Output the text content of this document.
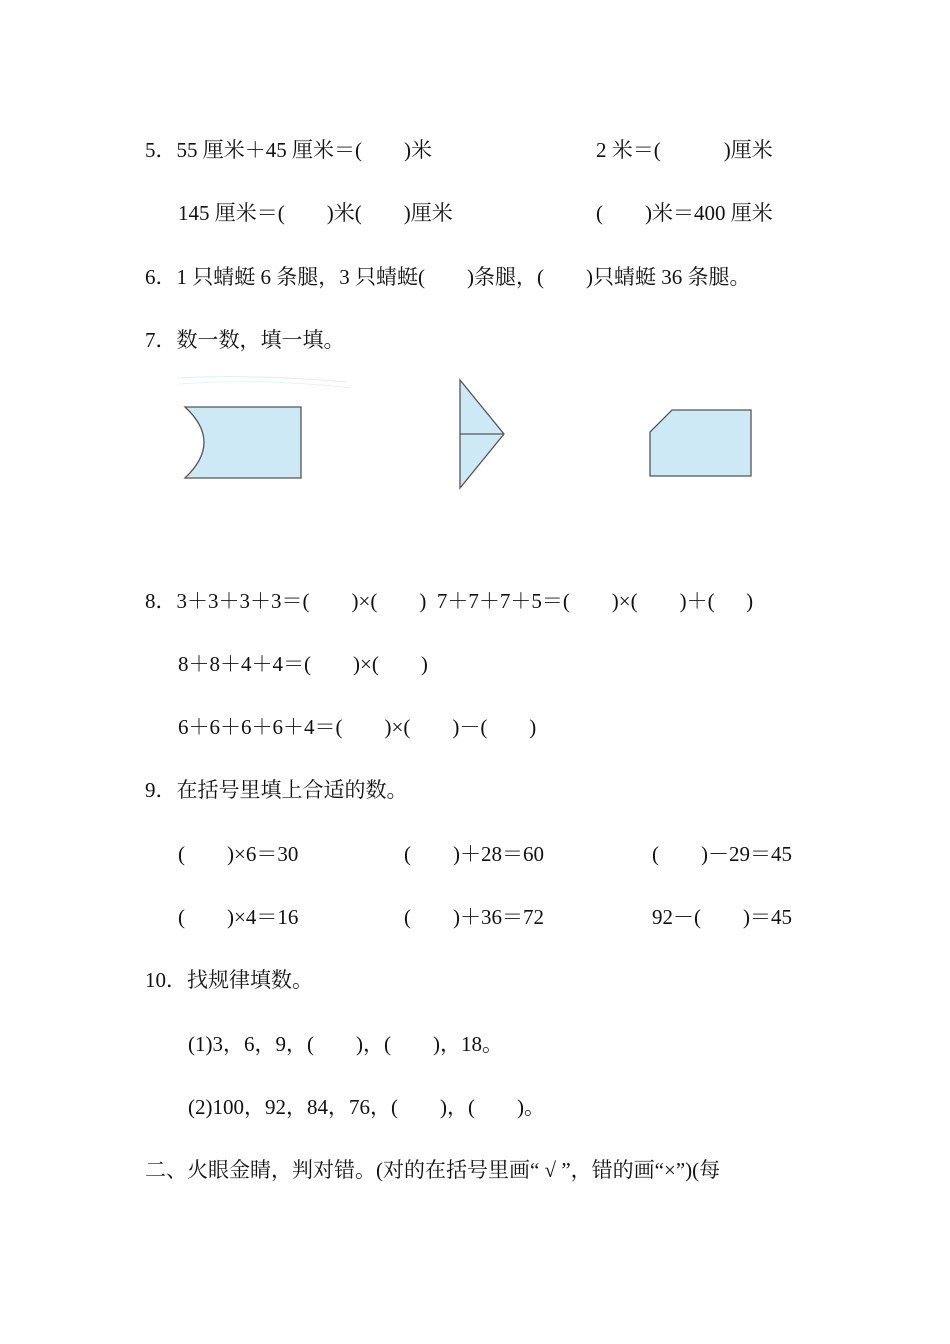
5．55 厘米＋45 厘米＝(        )米	2 米＝(            )厘米
145 厘米＝(        )米(        )厘米	(        )米＝400 厘米
6．1 只蜻蜓 6 条腿，3 只蜻蜓(        )条腿，(        )只蜻蜓 36 条腿。
7．数一数，填一填。
8．3＋3＋3＋3＝(        )×(        )  7＋7＋7＋5＝(        )×(        )＋(      )
8＋8＋4＋4＝(        )×(        )
6＋6＋6＋6＋4＝(        )×(        )－(        )
9．在括号里填上合适的数。
(        )×6＝30	(        )＋28＝60	(        )－29＝45
(        )×4＝16	(        )＋36＝72	92－(        )＝45
10．找规律填数。
(1)3，6，9，(        )，(        )，18。
(2)100，92，84，76，(        )，(        )。
二、火眼金睛，判对错。(对的在括号里画“ √ ”，错的画“×”)(每
